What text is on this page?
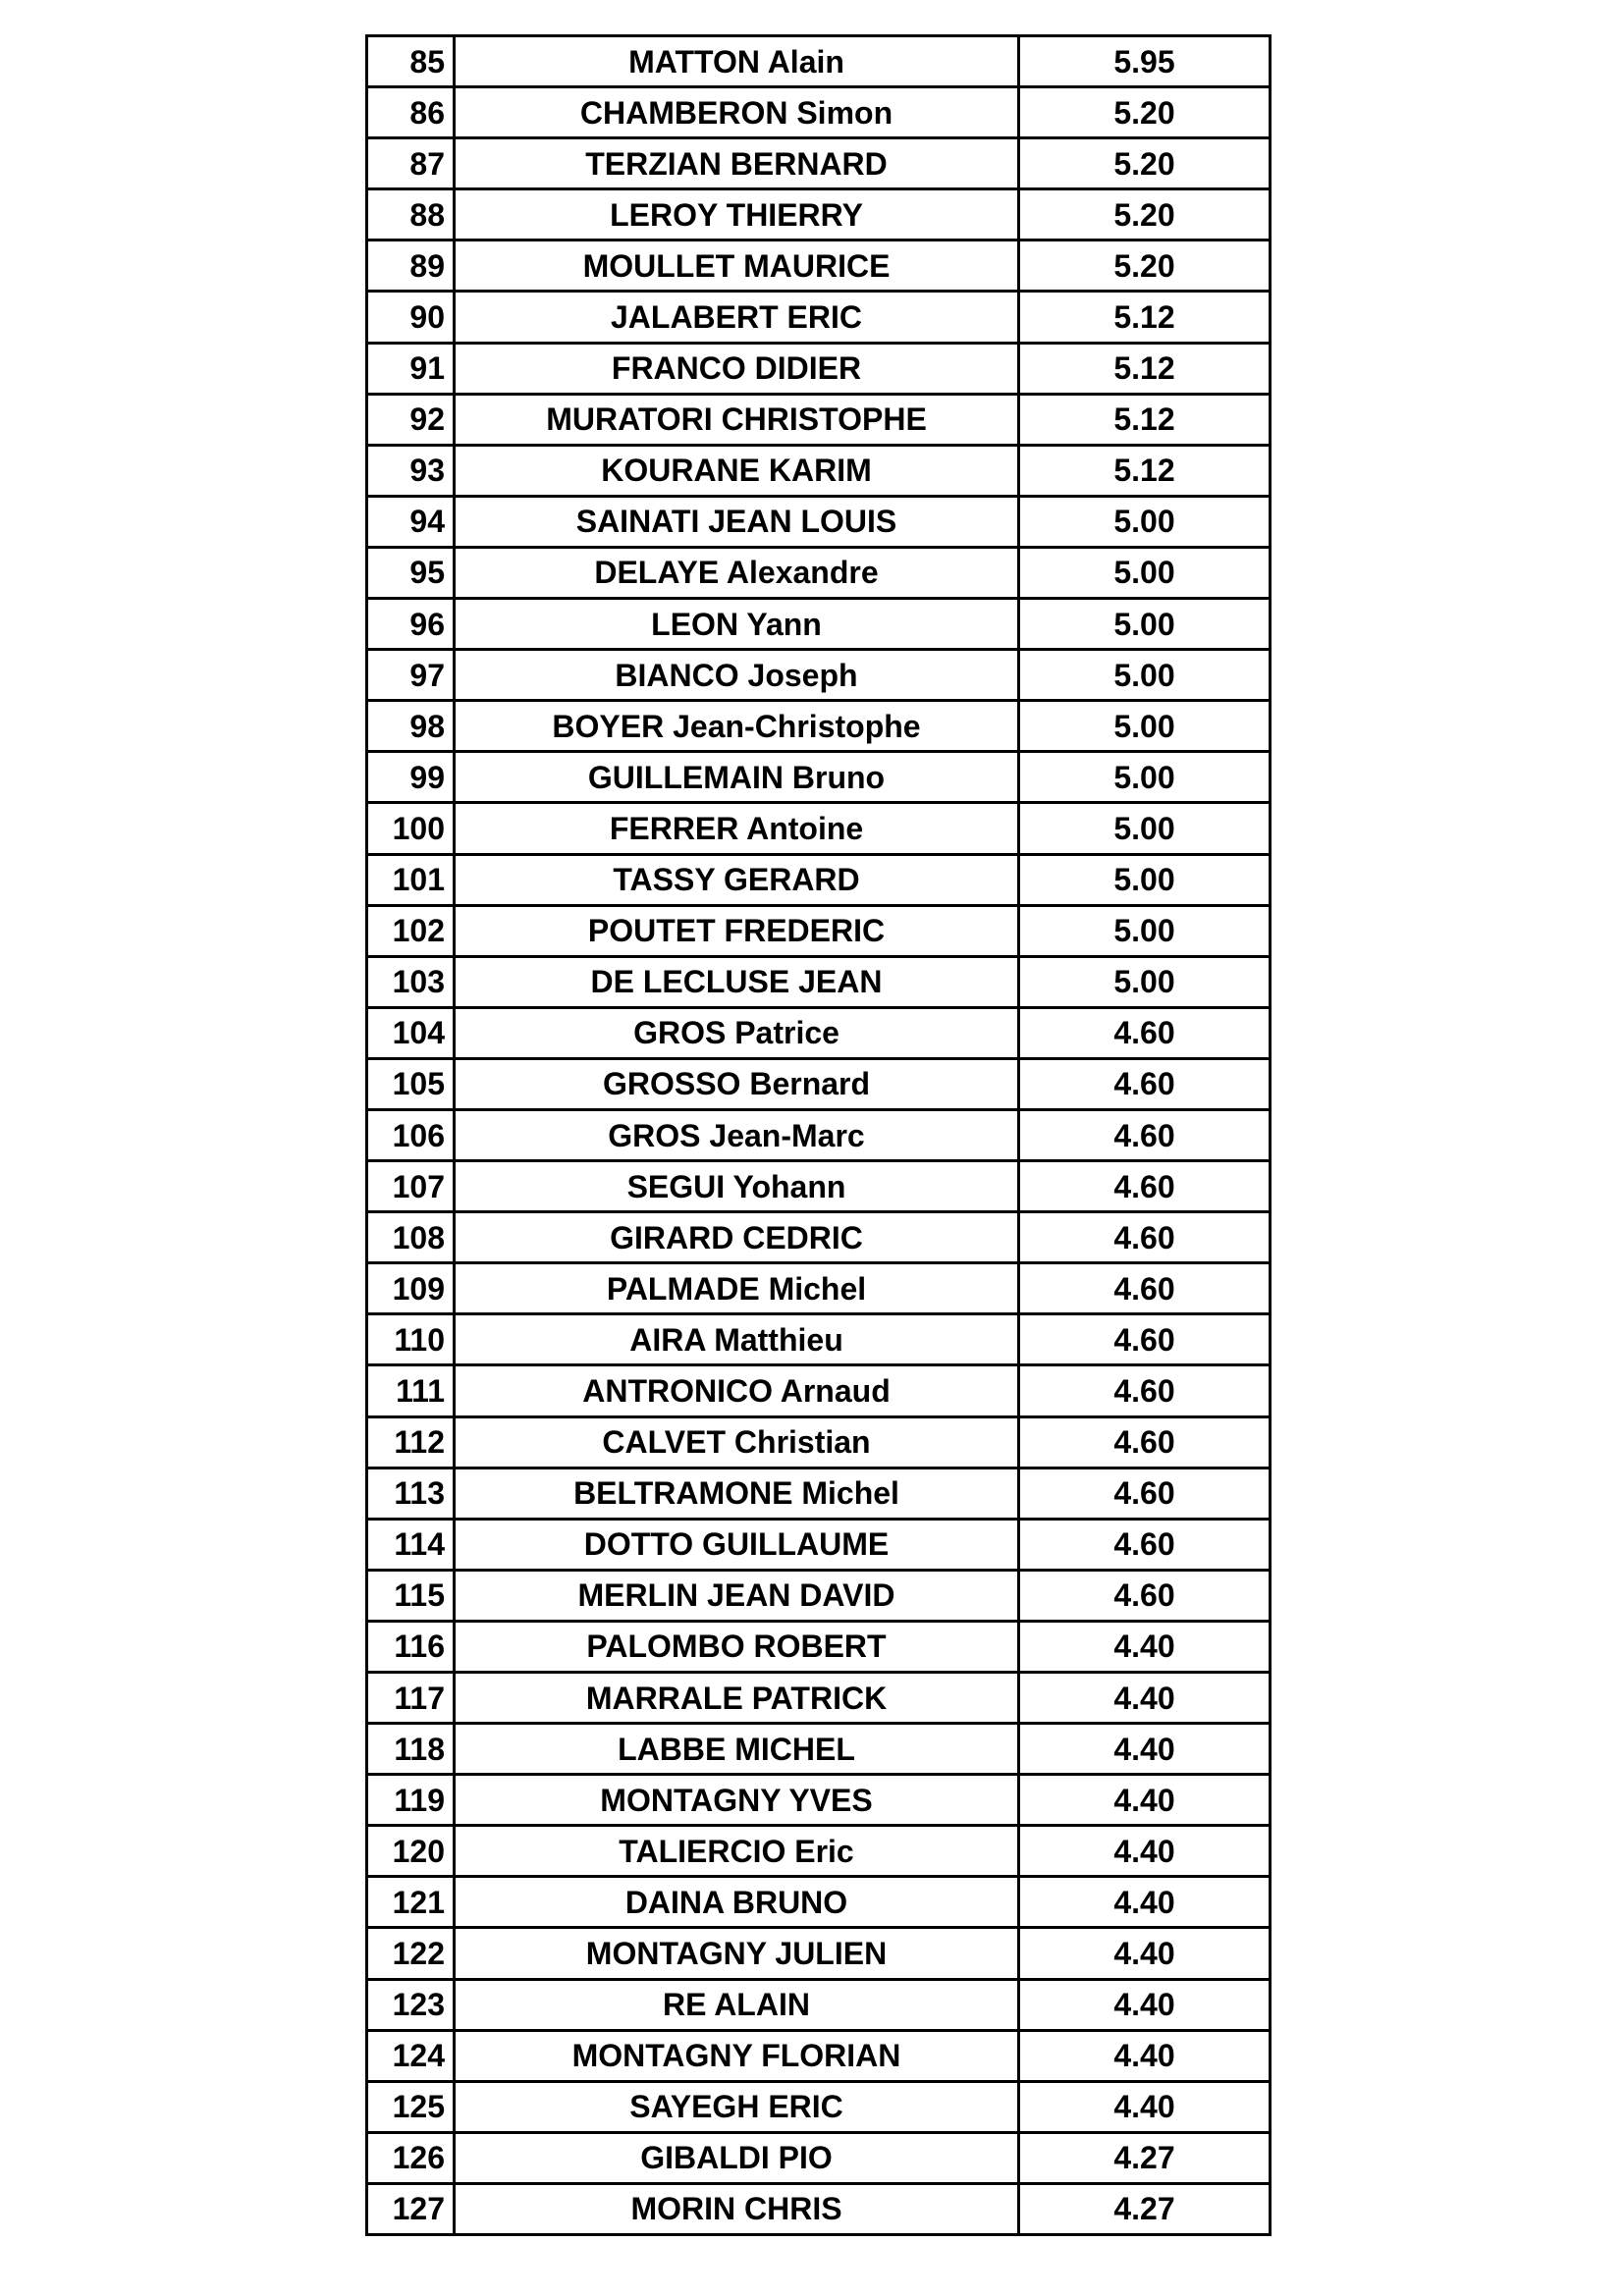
85	MATTON Alain	5.95
86	CHAMBERON Simon	5.20
87	TERZIAN BERNARD	5.20
88	LEROY THIERRY	5.20
89	MOULLET MAURICE	5.20
90	JALABERT ERIC	5.12
91	FRANCO DIDIER	5.12
92	MURATORI CHRISTOPHE	5.12
93	KOURANE KARIM	5.12
94	SAINATI JEAN LOUIS	5.00
95	DELAYE Alexandre	5.00
96	LEON Yann	5.00
97	BIANCO Joseph	5.00
98	BOYER Jean-Christophe	5.00
99	GUILLEMAIN Bruno	5.00
100	FERRER Antoine	5.00
101	TASSY GERARD	5.00
102	POUTET FREDERIC	5.00
103	DE LECLUSE JEAN	5.00
104	GROS Patrice	4.60
105	GROSSO Bernard	4.60
106	GROS Jean-Marc	4.60
107	SEGUI Yohann	4.60
108	GIRARD CEDRIC	4.60
109	PALMADE Michel	4.60
110	AIRA Matthieu	4.60
111	ANTRONICO Arnaud	4.60
112	CALVET Christian	4.60
113	BELTRAMONE Michel	4.60
114	DOTTO GUILLAUME	4.60
115	MERLIN JEAN DAVID	4.60
116	PALOMBO ROBERT	4.40
117	MARRALE PATRICK	4.40
118	LABBE MICHEL	4.40
119	MONTAGNY YVES	4.40
120	TALIERCIO Eric	4.40
121	DAINA BRUNO	4.40
122	MONTAGNY JULIEN	4.40
123	RE ALAIN	4.40
124	MONTAGNY FLORIAN	4.40
125	SAYEGH ERIC	4.40
126	GIBALDI PIO	4.27
127	MORIN CHRIS	4.27
